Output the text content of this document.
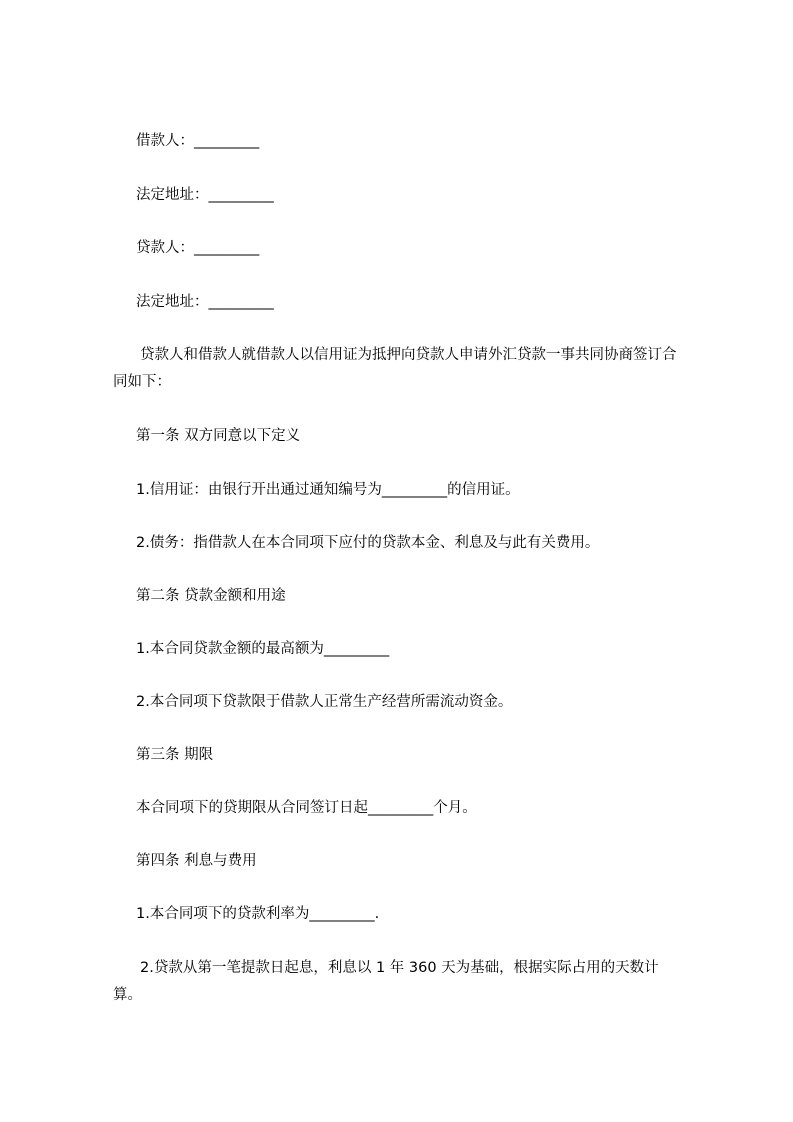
借款人：_________
法定地址：_________
贷款人：_________
法定地址：_________
贷款人和借款人就借款人以信用证为抵押向贷款人申请外汇贷款一事共同协商签订合同如下：
第一条 双方同意以下定义
1.信用证：由银行开出通过通知编号为_________的信用证。
2.债务：指借款人在本合同项下应付的贷款本金、利息及与此有关费用。
第二条 贷款金额和用途
1.本合同贷款金额的最高额为_________
2.本合同项下贷款限于借款人正常生产经营所需流动资金。
第三条 期限
本合同项下的贷期限从合同签订日起_________个月。
第四条 利息与费用
1.本合同项下的贷款利率为_________.
2.贷款从第一笔提款日起息，利息以 1 年 360 天为基础，根据实际占用的天数计算。
